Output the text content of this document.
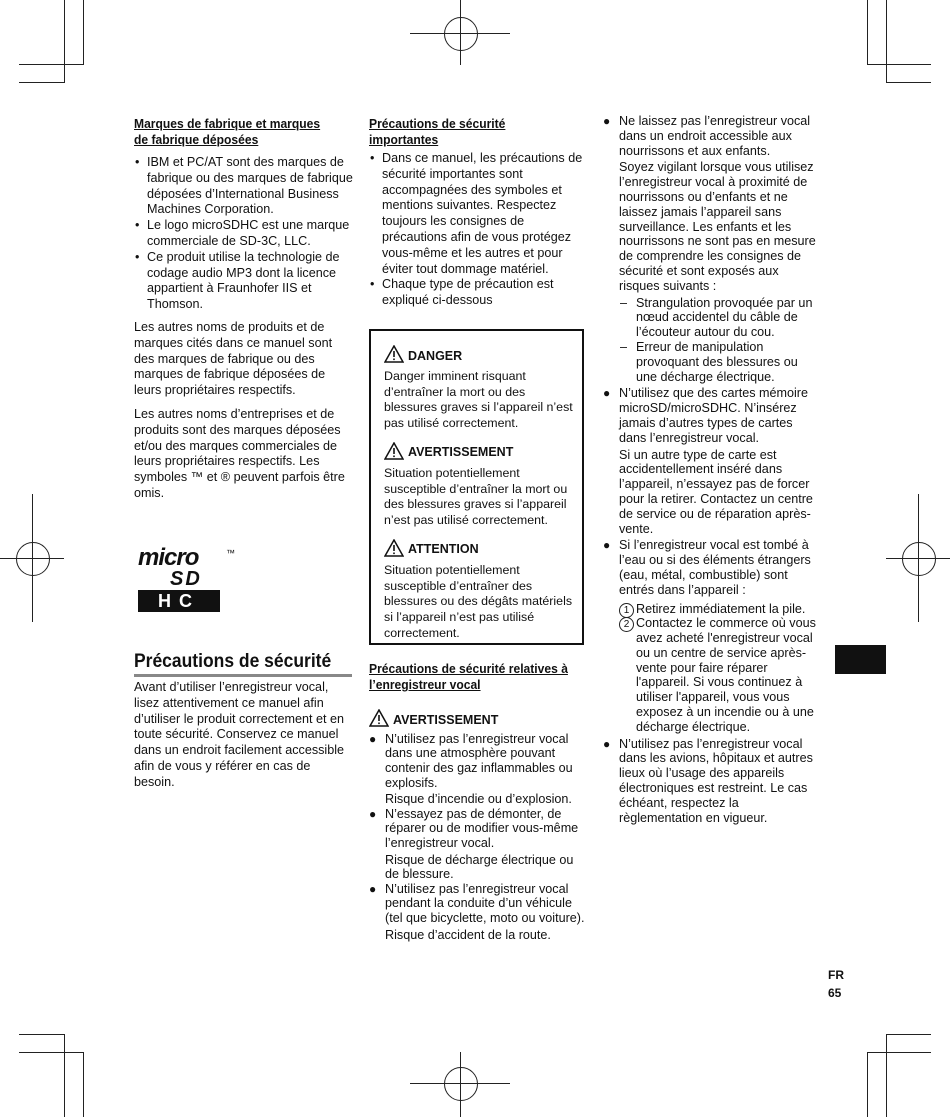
Marques de fabrique et marques
de fabrique déposées
• IBM et PC/AT sont des marques de fabrique ou des marques de fabrique déposées d’International Business Machines Corporation.
• Le logo microSDHC est une marque commerciale de SD-3C, LLC.
• Ce produit utilise la technologie de codage audio MP3 dont la licence appartient à Fraunhofer IIS et Thomson.

Les autres noms de produits et de marques cités dans ce manuel sont des marques de fabrique ou des marques de fabrique déposées de leurs propriétaires respectifs.

Les autres noms d’entreprises et de produits sont des marques déposées et/ou des marques commerciales de leurs propriétaires respectifs. Les symboles ™ et ® peuvent parfois être omis.

micro
SD
HC
™
Précautions de sécurité

Avant d’utiliser l’enregistreur vocal, lisez attentivement ce manuel afin d’utiliser le produit correctement et en toute sécurité. Conservez ce manuel dans un endroit facilement accessible afin de vous y référer en cas de besoin.

Précautions de sécurité
importantes
• Dans ce manuel, les précautions de sécurité importantes sont accompagnées des symboles et mentions suivantes. Respectez toujours les consignes de précautions afin de vous protégez vous-même et les autres et pour éviter tout dommage matériel.
• Chaque type de précaution est expliqué ci-dessous
DANGER

Danger imminent risquant d’entraîner la mort ou des blessures graves si l’appareil n’est pas utilisé correctement.

AVERTISSEMENT

Situation potentiellement susceptible d’entraîner la mort ou des blessures graves si l’appareil n’est pas utilisé correctement.

ATTENTION

Situation potentiellement susceptible d’entraîner des blessures ou des dégâts matériels si l’appareil n’est pas utilisé correctement.

Précautions de sécurité relatives à
l’enregistreur vocal
AVERTISSEMENT
● N’utilisez pas l’enregistreur vocal dans une atmosphère pouvant contenir des gaz inflammables ou explosifs.
Risque d’incendie ou d’explosion.
● N’essayez pas de démonter, de réparer ou de modifier vous-même l’enregistreur vocal.
Risque de décharge électrique ou de blessure.
● N’utilisez pas l’enregistreur vocal pendant la conduite d’un véhicule (tel que bicyclette, moto ou voiture).
Risque d’accident de la route.
● Ne laissez pas l’enregistreur vocal dans un endroit accessible aux nourrissons et aux enfants.
Soyez vigilant lorsque vous utilisez l’enregistreur vocal à proximité de nourrissons ou d’enfants et ne laissez jamais l’appareil sans surveillance. Les enfants et les nourrissons ne sont pas en mesure de comprendre les consignes de sécurité et sont exposés aux risques suivants :
– Strangulation provoquée par un nœud accidentel du câble de l’écouteur autour du cou.
– Erreur de manipulation provoquant des blessures ou une décharge électrique.
● N’utilisez que des cartes mémoire microSD/microSDHC. N’insérez jamais d’autres types de cartes dans l’enregistreur vocal.
Si un autre type de carte est accidentellement inséré dans l’appareil, n’essayez pas de forcer pour la retirer. Contactez un centre de service ou de réparation après-vente.
● Si l’enregistreur vocal est tombé à l’eau ou si des éléments étrangers (eau, métal, combustible) sont entrés dans l’appareil :
1 Retirez immédiatement la pile.
2 Contactez le commerce où vous avez acheté l'enregistreur vocal ou un centre de service après-vente pour faire réparer l'appareil. Si vous continuez à utiliser l'appareil, vous vous exposez à un incendie ou à une décharge électrique.
● N’utilisez pas l’enregistreur vocal dans les avions, hôpitaux et autres lieux où l’usage des appareils électroniques est restreint. Le cas échéant, respectez la règlementation en vigueur.
FR
65
